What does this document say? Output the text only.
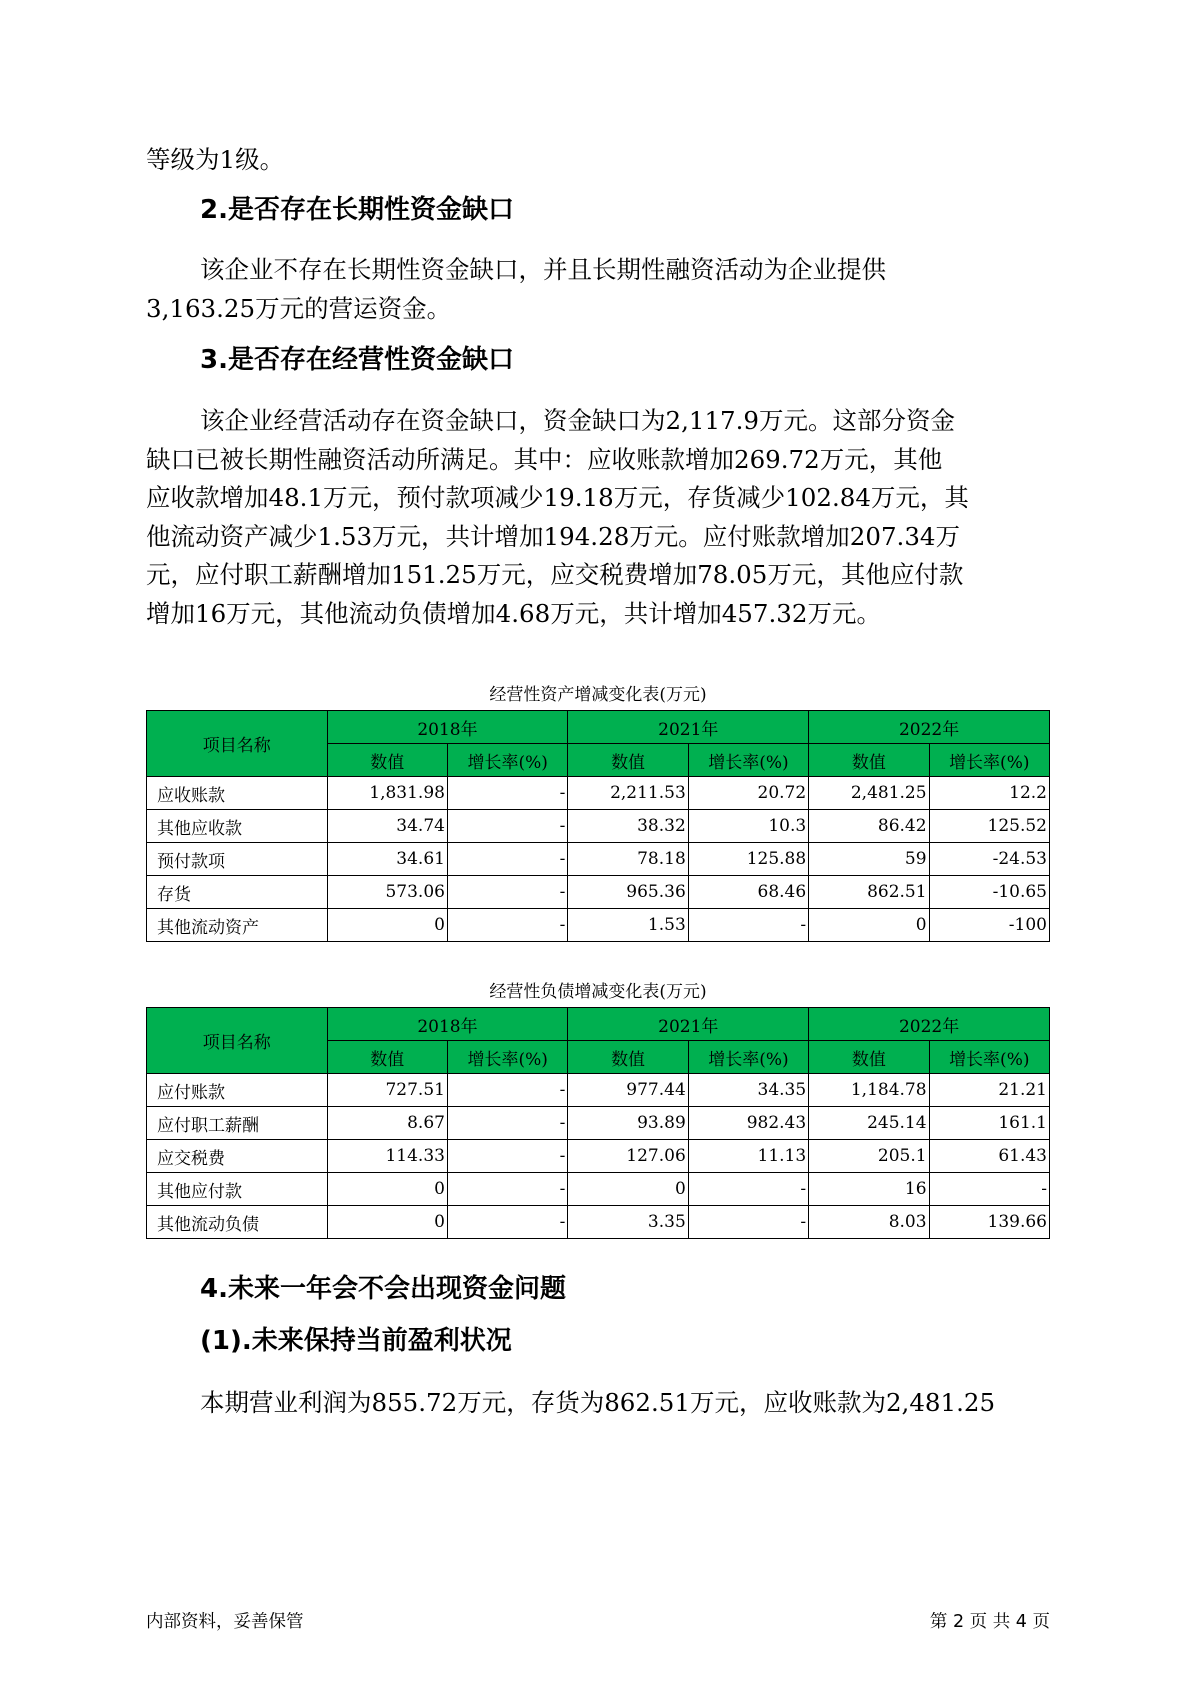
等级为1级。
2.是否存在长期性资金缺口
该企业不存在长期性资金缺口，并且长期性融资活动为企业提供
3,163.25万元的营运资金。
3.是否存在经营性资金缺口
该企业经营活动存在资金缺口，资金缺口为2,117.9万元。这部分资金
缺口已被长期性融资活动所满足。其中：应收账款增加269.72万元，其他
应收款增加48.1万元，预付款项减少19.18万元，存货减少102.84万元，其
他流动资产减少1.53万元，共计增加194.28万元。应付账款增加207.34万
元，应付职工薪酬增加151.25万元，应交税费增加78.05万元，其他应付款
增加16万元，其他流动负债增加4.68万元，共计增加457.32万元。
经营性资产增减变化表(万元)
项目名称	2018年		2021年		2022年	
	数值	增长率(%)	数值	增长率(%)	数值	增长率(%)
应收账款	1,831.98	-	2,211.53	20.72	2,481.25	12.2
其他应收款	34.74	-	38.32	10.3	86.42	125.52
预付款项	34.61	-	78.18	125.88	59	-24.53
存货	573.06	-	965.36	68.46	862.51	-10.65
其他流动资产	0	-	1.53	-	0	-100
经营性负债增减变化表(万元)
项目名称	2018年		2021年		2022年	
	数值	增长率(%)	数值	增长率(%)	数值	增长率(%)
应付账款	727.51	-	977.44	34.35	1,184.78	21.21
应付职工薪酬	8.67	-	93.89	982.43	245.14	161.1
应交税费	114.33	-	127.06	11.13	205.1	61.43
其他应付款	0	-	0	-	16	-
其他流动负债	0	-	3.35	-	8.03	139.66
4.未来一年会不会出现资金问题
(1).未来保持当前盈利状况
本期营业利润为855.72万元，存货为862.51万元，应收账款为2,481.25
内部资料，妥善保管	第 2 页 共 4 页
